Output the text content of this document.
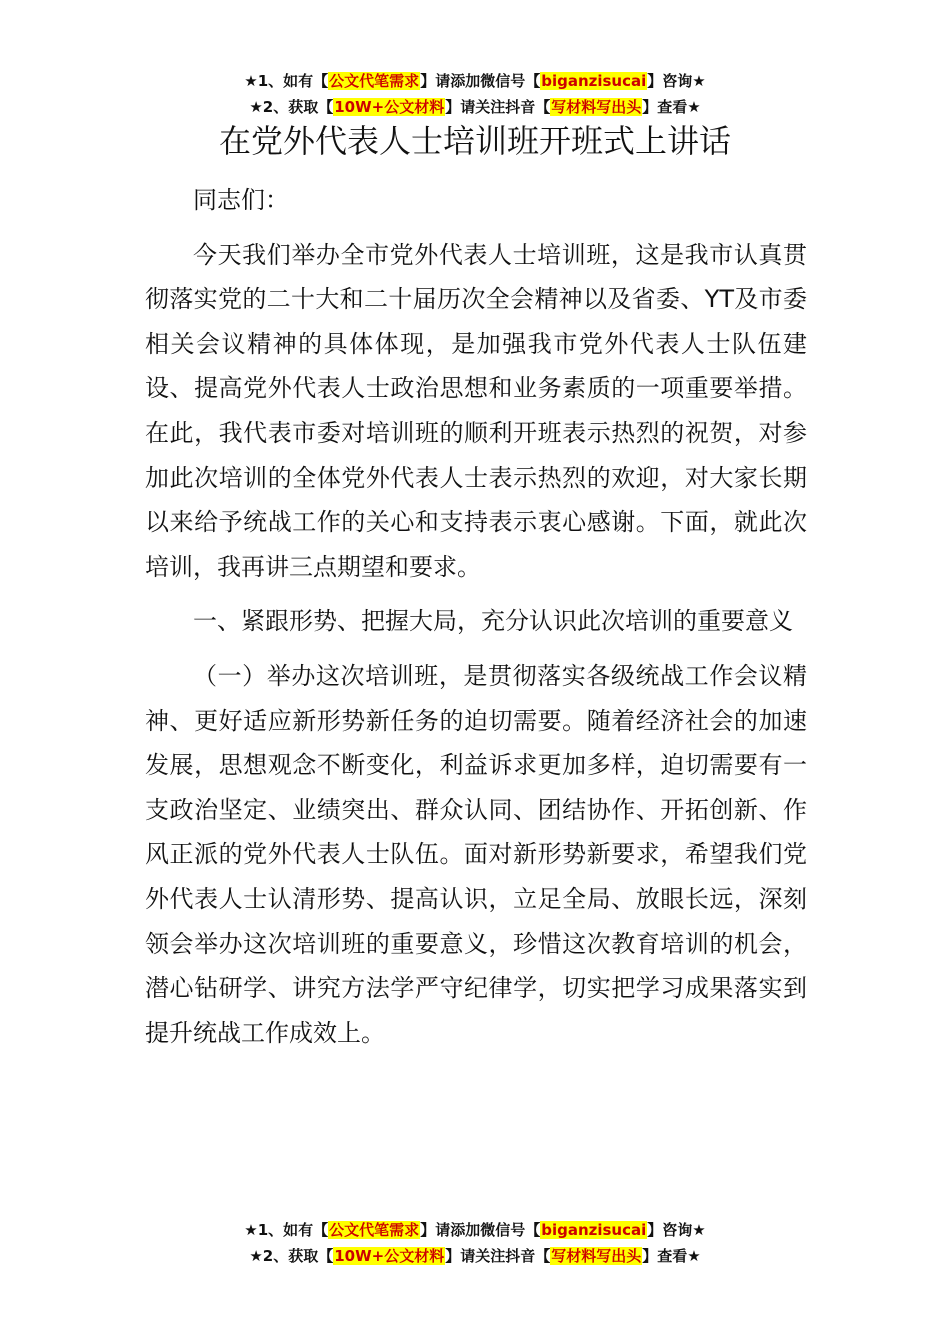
★1、如有【公文代笔需求】请添加微信号【biganzisucai】咨询★
★2、获取【10W+公文材料】请关注抖音【写材料写出头】查看★
在党外代表人士培训班开班式上讲话

同志们：

今天我们举办全市党外代表人士培训班，这是我市认真贯彻落实党的二十大和二十届历次全会精神以及省委、YT及市委相关会议精神的具体体现，是加强我市党外代表人士队伍建设、提高党外代表人士政治思想和业务素质的一项重要举措。在此，我代表市委对培训班的顺利开班表示热烈的祝贺，对参加此次培训的全体党外代表人士表示热烈的欢迎，对大家长期以来给予统战工作的关心和支持表示衷心感谢。下面，就此次培训，我再讲三点期望和要求。

一、紧跟形势、把握大局，充分认识此次培训的重要意义

（一）举办这次培训班，是贯彻落实各级统战工作会议精神、更好适应新形势新任务的迫切需要。随着经济社会的加速发展，思想观念不断变化，利益诉求更加多样，迫切需要有一支政治坚定、业绩突出、群众认同、团结协作、开拓创新、作风正派的党外代表人士队伍。面对新形势新要求，希望我们党外代表人士认清形势、提高认识，立足全局、放眼长远，深刻领会举办这次培训班的重要意义，珍惜这次教育培训的机会，潜心钻研学、讲究方法学严守纪律学，切实把学习成果落实到提升统战工作成效上。

★1、如有【公文代笔需求】请添加微信号【biganzisucai】咨询★
★2、获取【10W+公文材料】请关注抖音【写材料写出头】查看★
